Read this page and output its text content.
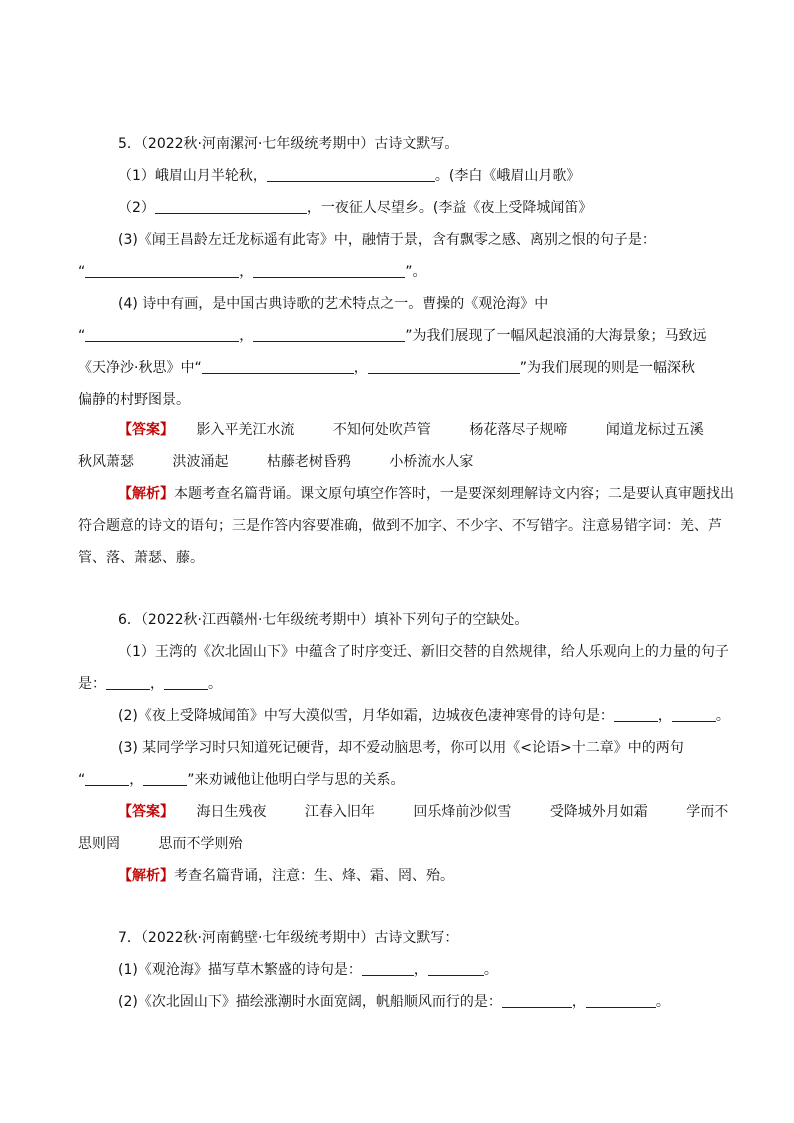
5．（2022秋·河南漯河·七年级统考期中）古诗文默写。
（1）峨眉山月半轮秋，	。(李白《峨眉山月歌》
（2）	，一夜征人尽望乡。(李益《夜上受降城闻笛》
(3)《闻王昌龄左迁龙标遥有此寄》中，融情于景，含有飘零之感、离别之恨的句子是：
“	，	”。
(4) 诗中有画，是中国古典诗歌的艺术特点之一。曹操的《观沧海》中
“	，	”为我们展现了一幅风起浪涌的大海景象；马致远
《天净沙·秋思》中“	，	”为我们展现的则是一幅深秋
偏静的村野图景。
【答案】 影入平羌江水流	不知何处吹芦管	杨花落尽子规啼	闻道龙标过五溪
秋风萧瑟	洪波涌起	枯藤老树昏鸦	小桥流水人家
【解析】本题考查名篇背诵。课文原句填空作答时，一是要深刻理解诗文内容；二是要认真审题找出
符合题意的诗文的语句；三是作答内容要准确，做到不加字、不少字、不写错字。注意易错字词：羌、芦
管、落、萧瑟、藤。
6．（2022秋·江西赣州·七年级统考期中）填补下列句子的空缺处。
（1）王湾的《次北固山下》中蕴含了时序变迁、新旧交替的自然规律，给人乐观向上的力量的句子
是：	，	。
(2)《夜上受降城闻笛》中写大漠似雪，月华如霜，边城夜色凄神寒骨的诗句是：	，	。
(3) 某同学学习时只知道死记硬背，却不爱动脑思考，你可以用《<论语>十二章》中的两句
“	，	”来劝诫他让他明白学与思的关系。
【答案】 海日生残夜	江春入旧年	回乐烽前沙似雪	受降城外月如霜	学而不
思则罔	思而不学则殆
【解析】考查名篇背诵，注意：生、烽、霜、罔、殆。
7．（2022秋·河南鹤壁·七年级统考期中）古诗文默写：
(1)《观沧海》描写草木繁盛的诗句是：	，	。
(2)《次北固山下》描绘涨潮时水面宽阔，帆船顺风而行的是：	，	。
